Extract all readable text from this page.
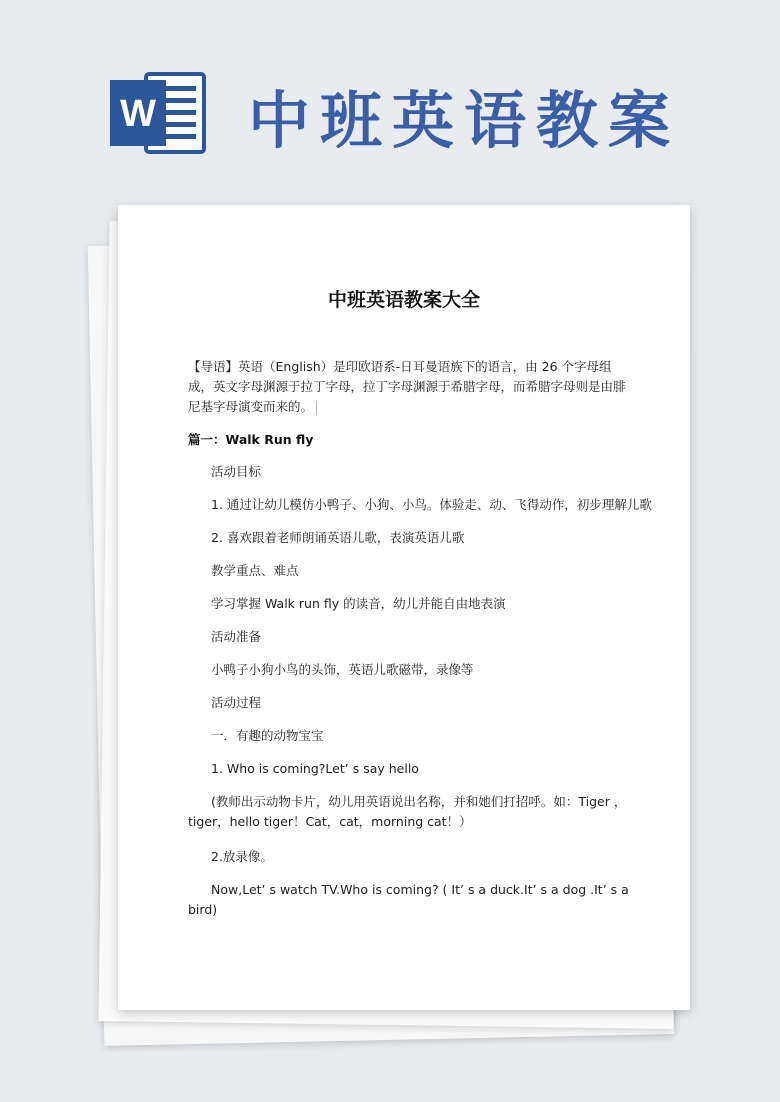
W 中班英语教案
中班英语教案大全
【导语】英语（English）是印欧语系-日耳曼语族下的语言，由 26 个字母组成，英文字母渊源于拉丁字母，拉丁字母渊源于希腊字母，而希腊字母则是由腓尼基字母演变而来的。
篇一：Walk Run fly
活动目标
1. 通过让幼儿模仿小鸭子、小狗、小鸟。体验走、动、飞得动作，初步理解儿歌
2. 喜欢跟着老师朗诵英语儿歌，表演英语儿歌
教学重点、难点
学习掌握 Walk run fly 的读音，幼儿并能自由地表演
活动准备
小鸭子小狗小鸟的头饰，英语儿歌磁带，录像等
活动过程
一．有趣的动物宝宝
1. Who is coming?Let’ s say hello
(教师出示动物卡片，幼儿用英语说出名称，并和她们打招呼。如：Tiger ，tiger，hello tiger！Cat，cat，morning cat！）
2.放录像。
Now,Let’ s watch TV.Who is coming? ( It’ s a duck.It’ s a dog .It’ s a bird)
